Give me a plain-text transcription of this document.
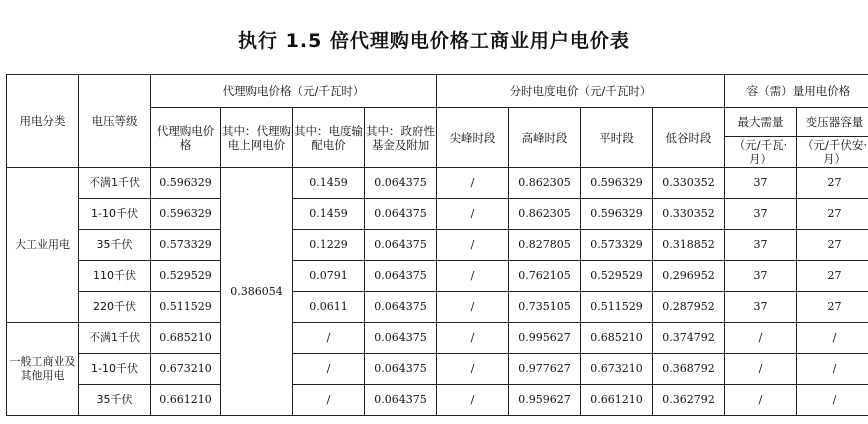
执行 1.5 倍代理购电价格工商业用户电价表
用电分类	电压等级	代理购电价格（元/千瓦时）				分时电度电价（元/千瓦时）				容（需）量用电价格	
		代理购电价格	其中：代理购电上网电价	其中：电度输配电价	其中：政府性基金及附加	尖峰时段	高峰时段	平时段	低谷时段	最大需量	变压器容量
										（元/千瓦·月）	（元/千伏安·月）
大工业用电	不满1千伏	0.596329	0.386054	0.1459	0.064375	/	0.862305	0.596329	0.330352	37	27
	1-10千伏	0.596329		0.1459	0.064375	/	0.862305	0.596329	0.330352	37	27
	35千伏	0.573329		0.1229	0.064375	/	0.827805	0.573329	0.318852	37	27
	110千伏	0.529529		0.0791	0.064375	/	0.762105	0.529529	0.296952	37	27
	220千伏	0.511529		0.0611	0.064375	/	0.735105	0.511529	0.287952	37	27
一般工商业及其他用电	不满1千伏	0.685210		/	0.064375	/	0.995627	0.685210	0.374792	/	/
	1-10千伏	0.673210		/	0.064375	/	0.977627	0.673210	0.368792	/	/
	35千伏	0.661210		/	0.064375	/	0.959627	0.661210	0.362792	/	/
